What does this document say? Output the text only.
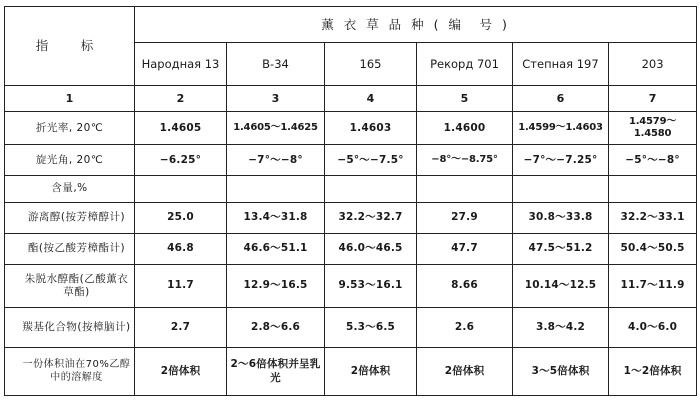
指　标	薰 衣 草 品 种 ( 编　号 )					
	Народная 13	В-34	165	Рекорд 701	Степная 197	203
1	2	3	4	5	6	7
折光率, 20℃	1.4605	1.4605～1.4625	1.4603	1.4600	1.4599～1.4603	1.4579～1.4580
旋光角, 20℃	−6.25°	−7°～−8°	−5°～−7.5°	−8°～−8.75°	−7°～−7.25°	−5°～−8°
含量,%						
游离醇(按芳樟醇计)	25.0	13.4～31.8	32.2～32.7	27.9	30.8～33.8	32.2～33.1
酯(按乙酸芳樟酯计)	46.8	46.6～51.1	46.0～46.5	47.7	47.5～51.2	50.4～50.5
朱脱水醇酯(乙酸薰衣草酯)	11.7	12.9～16.5	9.53～16.1	8.66	10.14～12.5	11.7～11.9
羰基化合物(按樟脑计)	2.7	2.8～6.6	5.3～6.5	2.6	3.8～4.2	4.0～6.0
一份体积油在70%乙醇中的溶解度	2倍体积	2～6倍体积并呈乳光	2倍体积	2倍体积	3～5倍体积	1～2倍体积
